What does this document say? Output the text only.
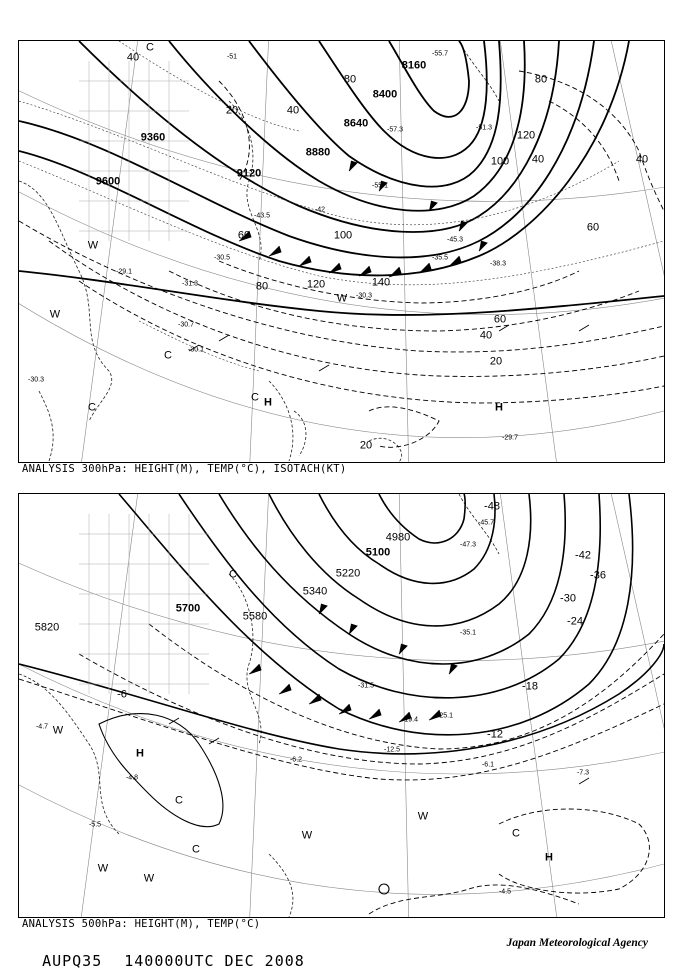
9600
9360
9120
8880
8640
8400
8160
20	40
60
80
100
120	140
40
60
80
100 40
60
40
20
20
40
80
120
-55.7
-51
-57.3
-55.1
-42
-43.5
-30.5
-30.3
-35.5
-31.3
-30.7
-30.1
-29.1
-30.3
-29.7
-38.3
-45.3
-51.3
C
C
C
W
W
W
H	H
C
ANALYSIS 300hPa: HEIGHT(M), TEMP(°C), ISOTACH(KT)
5820
5700
5580
5340
5220
5100
4980
-6
-12
-18
-24
-30
-36
-42
-48
-4.7
-6.2
-12.5
-19.4
-25.1
-31.5
-35.1
-45.7
-47.3
-7.3
-6.1
-4.5
-5.5
-4.8
H
H
C
C
C
C
W
W
W
W
W
ANALYSIS 500hPa: HEIGHT(M), TEMP(°C)

AUPQ35 140000UTC DEC 2008

Japan Meteorological Agency
